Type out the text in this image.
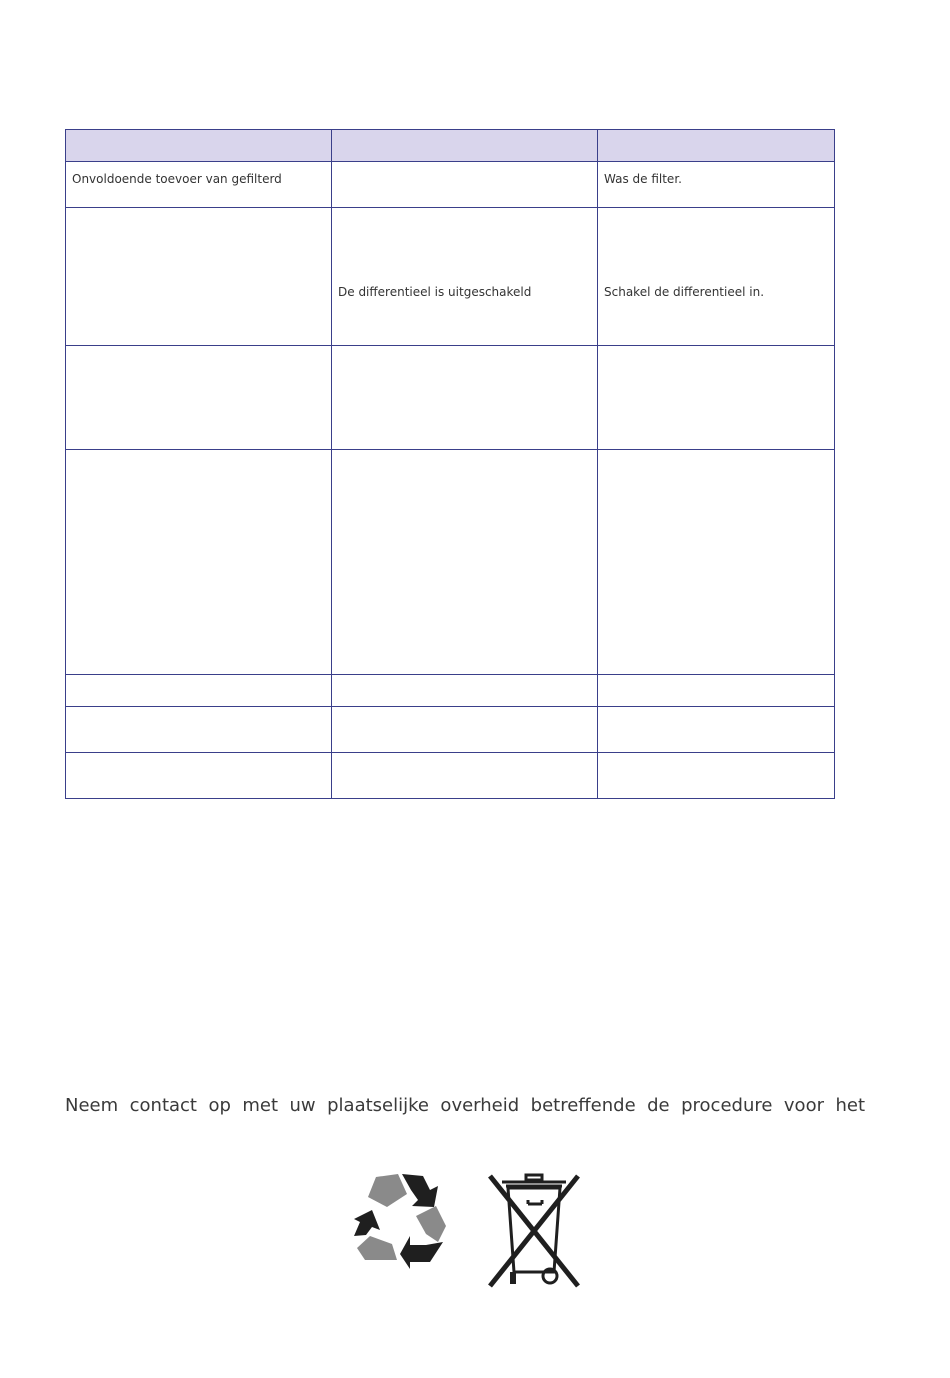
Onvoldoende toevoer van gefilterd		Was de filter.
	De differentieel is uitgeschakeld	Schakel de differentieel in.

Neem contact op met uw plaatselijke overheid betreffende de procedure voor het
